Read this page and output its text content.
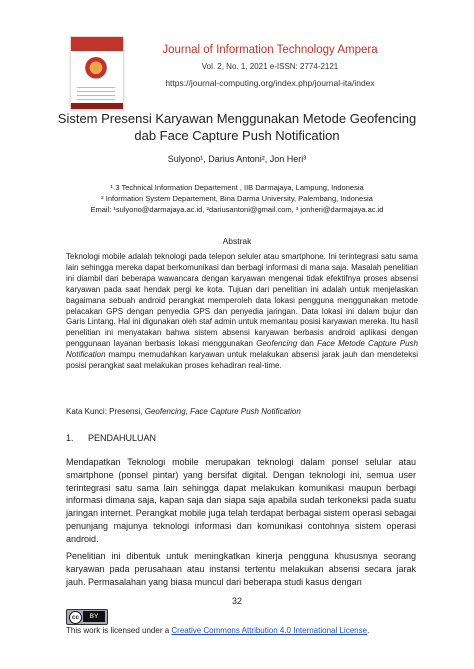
Journal of Information Technology Ampera
Vol. 2, No. 1, 2021 e-ISSN: 2774-2121
https://journal-computing.org/index.php/journal-ita/index
Sistem Presensi Karyawan Menggunakan Metode Geofencing
dab Face Capture Push Notification
Sulyono¹, Darius Antoni², Jon Heri³
¹˒3 Technical Information Departement , IIB Darmajaya, Lampung, Indonesia
² Information System Departement, Bina Darma University, Palembang, Indonesia
Email: ¹sulyono@darmajaya.ac.id, ²dariusantoni@gmail.com, ³ jonheri@darmajaya.ac.id
Abstrak
Teknologi mobile adalah teknologi pada telepon seluler atau smartphone. Ini terintegrasi satu sama lain sehingga mereka dapat berkomunikasi dan berbagi informasi di mana saja. Masalah penelitian ini diambil dari beberapa wawancara dengan karyawan mengenai tidak efektifnya proses absensi karyawan pada saat hendak pergi ke kota. Tujuan dari penelitian ini adalah untuk menjelaskan bagaimana sebuah android perangkat memperoleh data lokasi pengguna menggunakan metode pelacakan GPS dengan penyedia GPS dan penyedia jaringan. Data lokasi ini dalam bujur dan Garis Lintang. Hal ini digunakan oleh staf admin untuk memantau posisi karyawan mereka. Itu hasil penelitian ini menyatakan bahwa sistem absensi karyawan berbasis android aplikasi dengan penggunaan layanan berbasis lokasi menggunakan Geofencing dan Face Metode Capture Push Notification mampu memudahkan karyawan untuk melakukan absensi jarak jauh dan mendeteksi posisi perangkat saat melakukan proses kehadiran real-time.
Kata Kunci: Presensi, Geofencing, Face Capture Push Notification
1. PENDAHULUAN
Mendapatkan Teknologi mobile merupakan teknologi dalam ponsel selular atau smartphone (ponsel pintar) yang bersifat digital. Dengan teknologi ini, semua user terintegrasi satu sama lain sehingga dapat melakukan komunikasi maupun berbagi informasi dimana saja, kapan saja dan siapa saja apabila sudah terkoneksi pada suatu jaringan internet. Perangkat mobile juga telah terdapat berbagai sistem operasi sebagai penunjang majunya teknologi informasi dan komunikasi contohnya sistem operasi android.
Penelitian ini dibentuk untuk meningkatkan kinerja pengguna khususnya seorang karyawan pada perusahaan atau instansi tertentu melakukan absensi secara jarak jauh. Permasalahan yang biasa muncul dari beberapa studi kasus dengan
32
cc	BY
This work is licensed under a Creative Commons Attribution 4.0 International License.
